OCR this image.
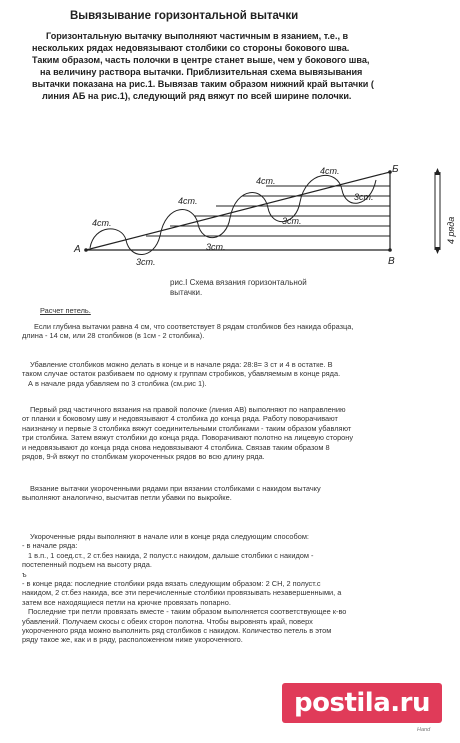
Вывязывание горизонтальной вытачки

Горизонтальную вытачку выполняют частичным в язанием, т.е., в

нескольких рядах недовязывают столбики со стороны бокового шва.

Таким образом, часть полочки в центре станет выше, чем у бокового шва,

на величину раствора вытачки. Приблизительная схема вывязывания

вытачки показана на рис.1. Вывязав таким образом нижний край вытачки (

линия АБ на рис.1), следующий ряд вяжут по всей ширине полочки.

4cm.
4cm.
4cm.
4cm.
3cm.
3cm.
3cm.
3cm.
A
B
Б
4 ряда
рис.I Схема вязания горизонтальной
вытачки.
Расчет петель.

Если глубина вытачки равна 4 см, что соответствует 8 рядам столбиков без накида образца,

длина - 14 см, или 28 столбиков (в 1см - 2 столбика).

Убавление столбиков можно делать в конце и в начале ряда: 28:8= 3 ст и 4 в остатке. В

таком случае остаток разбиваем по одному к группам стробиков, убавляемым в конце ряда.

А в начале ряда убавляем по 3 столбика (см.рис 1).

Первый ряд частичного вязания на правой полочке (линия АВ) выполняют по направлению

от планки к боковому шву и недовязывают 4 столбика до конца ряда. Работу поворачивают

наизнанку и первые 3 столбика вяжут соединительными столбиками - таким образом убавляют

три столбика. Затем вяжут столбики до конца ряда. Поворачивают полотно на лицевую сторону

и недовязывают до конца ряда снова недовязывают 4 столбика. Связав таким образом 8

рядов, 9-й вяжут по столбикам укороченных рядов во всю длину ряда.

Вязание вытачки укороченными рядами при вязании столбиками с накидом вытачку

выполняют аналогично, высчитав петли убавки по выкройке.

Укороченные ряды выполняют в начале или в конце ряда следующим способом:

- в начале ряда:

1 в.п., 1 соед.ст., 2 ст.без накида, 2 полуст.с накидом, дальше столбики с накидом -

постепенный подъем на высоту ряда.

ъ

- в конце ряда: последние столбики ряда вязать следующим образом: 2 СН, 2 полуст.с

накидом, 2 ст.без накида, все эти перечисленные столбики провязывать незавершенными, а

затем все находящиеся петли на крючке провязать попарно.

Последние три петли провязать вместе - таким образом выполняется соответствующее к-во

убавлений. Получаем скосы с обеих сторон полотна. Чтобы выровнять край, поверх

укороченного ряда можно выполнить ряд столбиков с накидом. Количество петель в этом

ряду такое же, как и в ряду, расположенном ниже укороченного.

postila.ru
Hand
